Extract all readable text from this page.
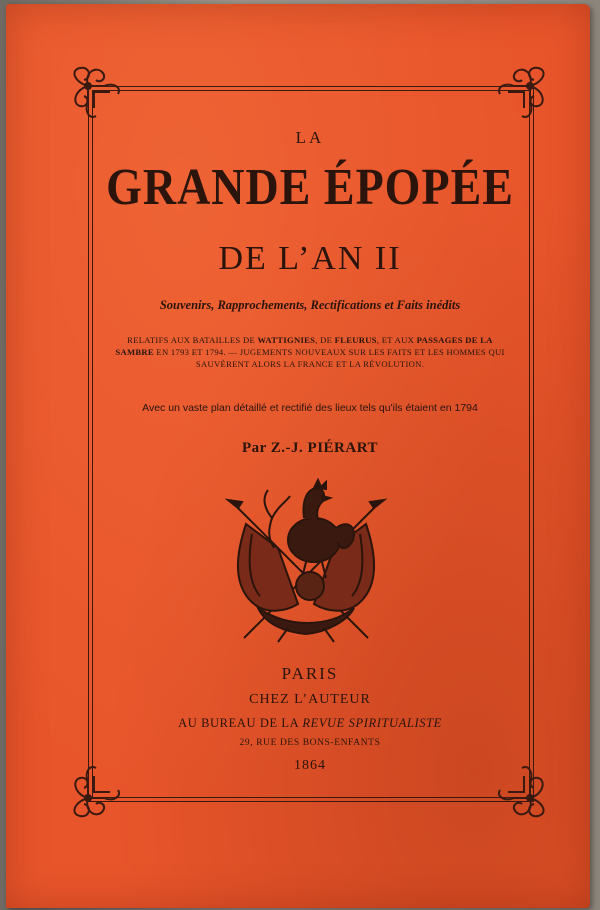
LA
GRANDE ÉPOPÉE
DE L’AN II
Souvenirs, Rapprochements, Rectifications et Faits inédits
RELATIFS AUX BATAILLES DE WATTIGNIES, DE FLEURUS, ET AUX PASSAGES DE LA SAMBRE EN 1793 ET 1794. — JUGEMENTS NOUVEAUX SUR LES FAITS ET LES HOMMES QUI SAUVÈRENT ALORS LA FRANCE ET LA RÉVOLUTION.
Avec un vaste plan détaillé et rectifié des lieux tels qu'ils étaient en 1794
Par Z.-J. PIÉRART
PARIS
CHEZ L’AUTEUR
AU BUREAU DE LA REVUE SPIRITUALISTE
29, RUE DES BONS-ENFANTS
1864
